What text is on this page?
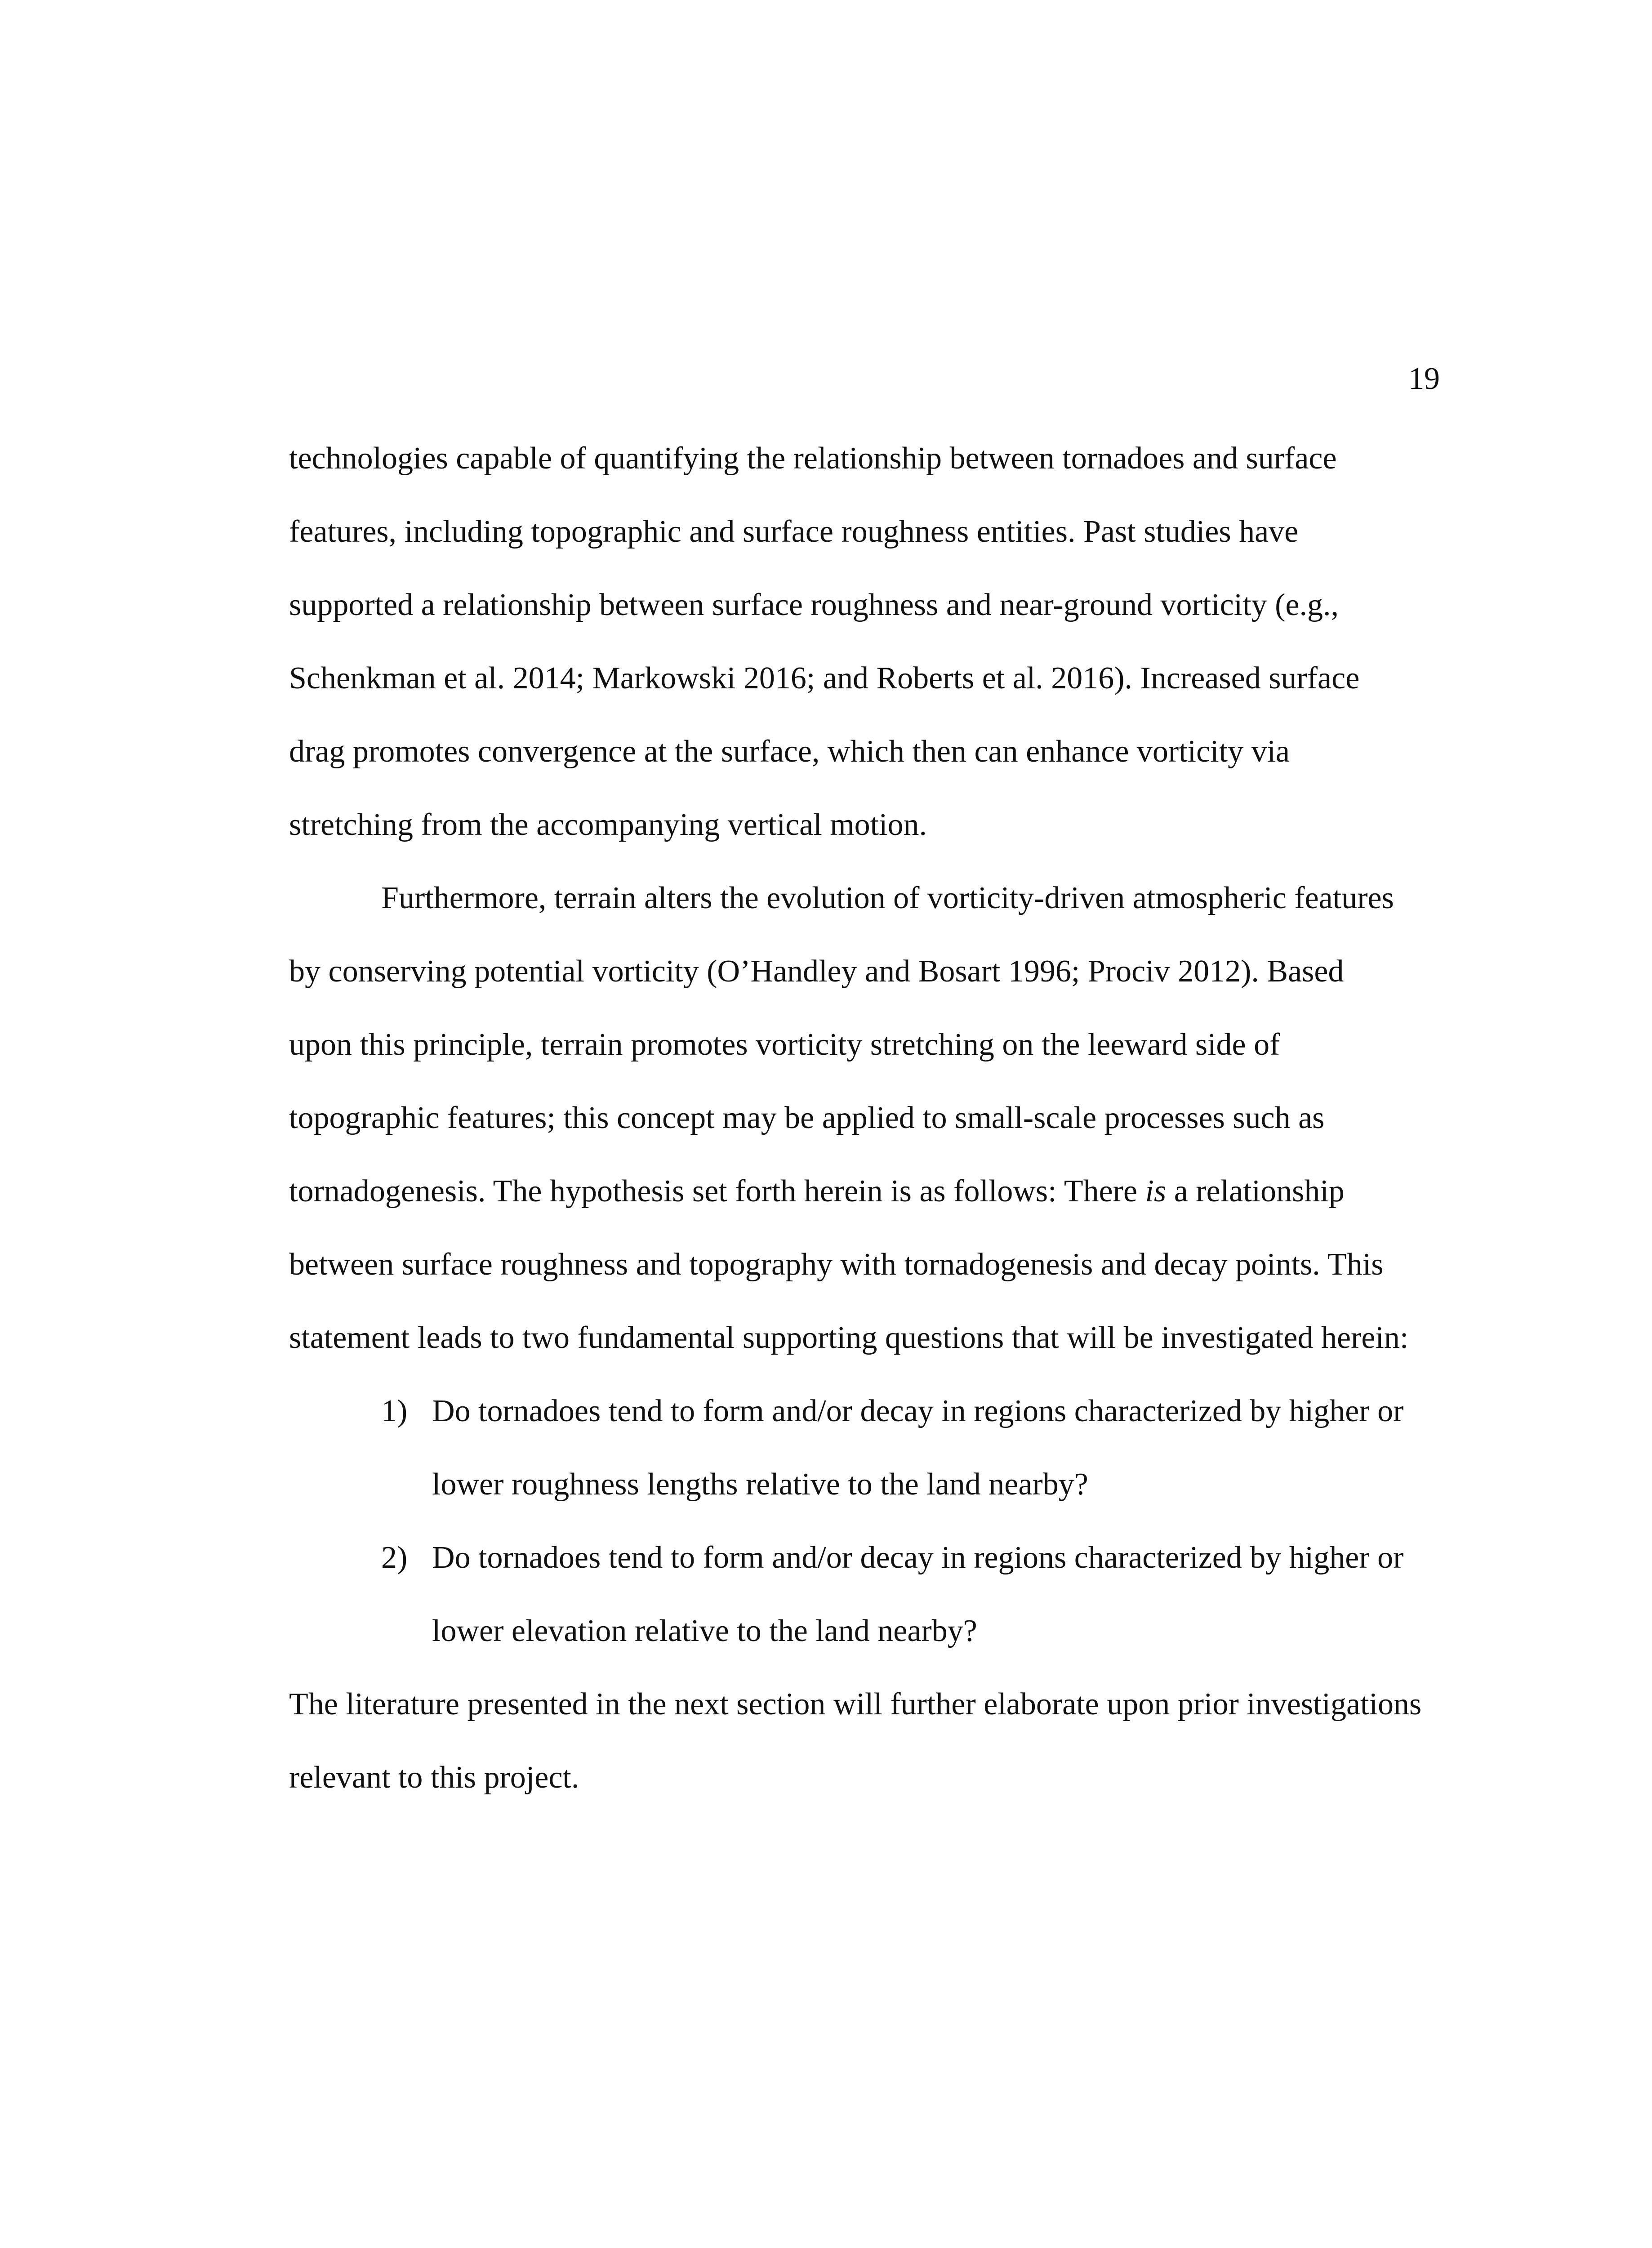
19
technologies capable of quantifying the relationship between tornadoes and surface
features, including topographic and surface roughness entities. Past studies have
supported a relationship between surface roughness and near-ground vorticity (e.g.,
Schenkman et al. 2014; Markowski 2016; and Roberts et al. 2016). Increased surface
drag promotes convergence at the surface, which then can enhance vorticity via
stretching from the accompanying vertical motion.
Furthermore, terrain alters the evolution of vorticity-driven atmospheric features
by conserving potential vorticity (O’Handley and Bosart 1996; Prociv 2012). Based
upon this principle, terrain promotes vorticity stretching on the leeward side of
topographic features; this concept may be applied to small-scale processes such as
tornadogenesis. The hypothesis set forth herein is as follows: There is a relationship
between surface roughness and topography with tornadogenesis and decay points. This
statement leads to two fundamental supporting questions that will be investigated herein:
1) Do tornadoes tend to form and/or decay in regions characterized by higher or
lower roughness lengths relative to the land nearby?
2) Do tornadoes tend to form and/or decay in regions characterized by higher or
lower elevation relative to the land nearby?
The literature presented in the next section will further elaborate upon prior investigations
relevant to this project.
